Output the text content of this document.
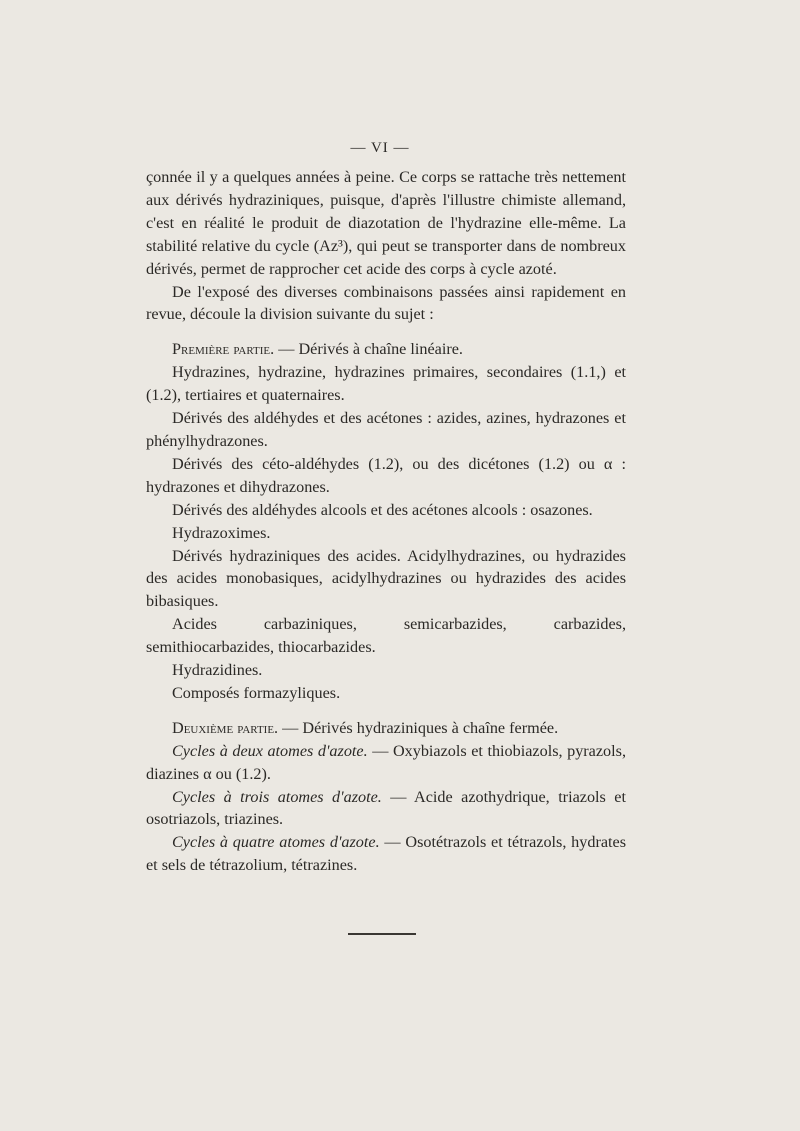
— VI —

çonnée il y a quelques années à peine. Ce corps se rattache très nettement aux dérivés hydraziniques, puisque, d'après l'illustre chimiste allemand, c'est en réalité le produit de diazotation de l'hydrazine elle-même. La stabilité relative du cycle (Az³), qui peut se transporter dans de nombreux dérivés, permet de rapprocher cet acide des corps à cycle azoté.

De l'exposé des diverses combinaisons passées ainsi rapidement en revue, découle la division suivante du sujet :

Première partie. — Dérivés à chaîne linéaire.

Hydrazines, hydrazine, hydrazines primaires, secondaires (1.1,) et (1.2), tertiaires et quaternaires.

Dérivés des aldéhydes et des acétones : azides, azines, hydrazones et phénylhydrazones.

Dérivés des céto-aldéhydes (1.2), ou des dicétones (1.2) ou α : hydrazones et dihydrazones.

Dérivés des aldéhydes alcools et des acétones alcools : osazones.

Hydrazoximes.

Dérivés hydraziniques des acides. Acidylhydrazines, ou hydrazides des acides monobasiques, acidylhydrazines ou hydrazides des acides bibasiques.

Acides carbaziniques, semicarbazides, carbazides, semithiocarbazides, thiocarbazides.

Hydrazidines.

Composés formazyliques.

Deuxième partie. — Dérivés hydraziniques à chaîne fermée.

Cycles à deux atomes d'azote. — Oxybiazols et thiobiazols, pyrazols, diazines α ou (1.2).

Cycles à trois atomes d'azote. — Acide azothydrique, triazols et osotriazols, triazines.

Cycles à quatre atomes d'azote. — Osotétrazols et tétrazols, hydrates et sels de tétrazolium, tétrazines.
